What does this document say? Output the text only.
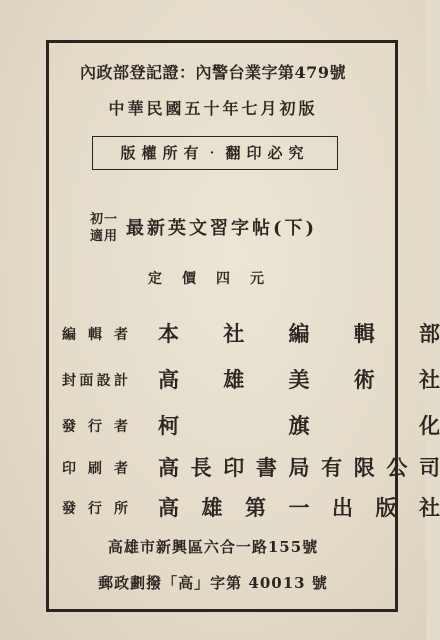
內政部登記證：內警台業字第479號
中華民國五十年七月初版
版權所有‧翻印必究
初一
適用 最新英文習字帖(下)
定價四元
編 輯 者 本 社 編 輯 部
封 面 設 計 高 雄 美 術 社
發 行 者 柯	旗	化
印 刷 者 高 長 印 書 局 有 限 公 司
發 行 所 高 雄 第 一 出 版 社
高雄市新興區六合一路155號
郵政劃撥「高」字第 40013 號
